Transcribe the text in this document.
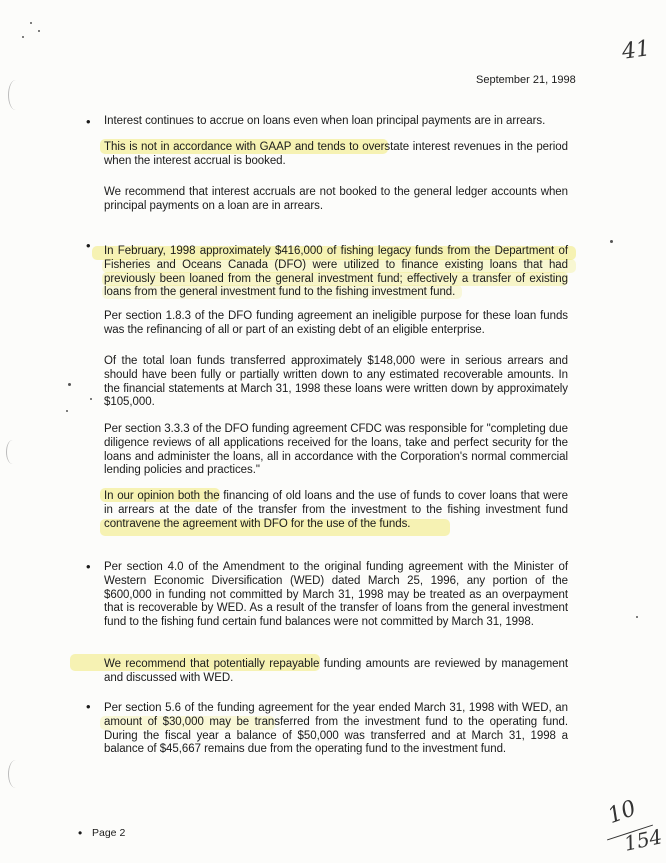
41
September 21, 1998
•
•
•
•
Interest continues to accrue on loans even when loan principal payments are in arrears.
This is not in accordance with GAAP and tends to overstate interest revenues in the period when the interest accrual is booked.
We recommend that interest accruals are not booked to the general ledger accounts when principal payments on a loan are in arrears.
In February, 1998 approximately $416,000 of fishing legacy funds from the Department of Fisheries and Oceans Canada (DFO) were utilized to finance existing loans that had previously been loaned from the general investment fund; effectively a transfer of existing loans from the general investment fund to the fishing investment fund.
Per section 1.8.3 of the DFO funding agreement an ineligible purpose for these loan funds was the refinancing of all or part of an existing debt of an eligible enterprise.
Of the total loan funds transferred approximately $148,000 were in serious arrears and should have been fully or partially written down to any estimated recoverable amounts. In the financial statements at March 31, 1998 these loans were written down by approximately $105,000.
Per section 3.3.3 of the DFO funding agreement CFDC was responsible for "completing due diligence reviews of all applications received for the loans, take and perfect security for the loans and administer the loans, all in accordance with the Corporation's normal commercial lending policies and practices."
In our opinion both the financing of old loans and the use of funds to cover loans that were in arrears at the date of the transfer from the investment to the fishing investment fund contravene the agreement with DFO for the use of the funds.
Per section 4.0 of the Amendment to the original funding agreement with the Minister of Western Economic Diversification (WED) dated March 25, 1996, any portion of the $600,000 in funding not committed by March 31, 1998 may be treated as an overpayment that is recoverable by WED. As a result of the transfer of loans from the general investment fund to the fishing fund certain fund balances were not committed by March 31, 1998.
We recommend that potentially repayable funding amounts are reviewed by management and discussed with WED.
Per section 5.6 of the funding agreement for the year ended March 31, 1998 with WED, an amount of $30,000 may be transferred from the investment fund to the operating fund. During the fiscal year a balance of $50,000 was transferred and at March 31, 1998 a balance of $45,667 remains due from the operating fund to the investment fund.
• Page 2
10
154
